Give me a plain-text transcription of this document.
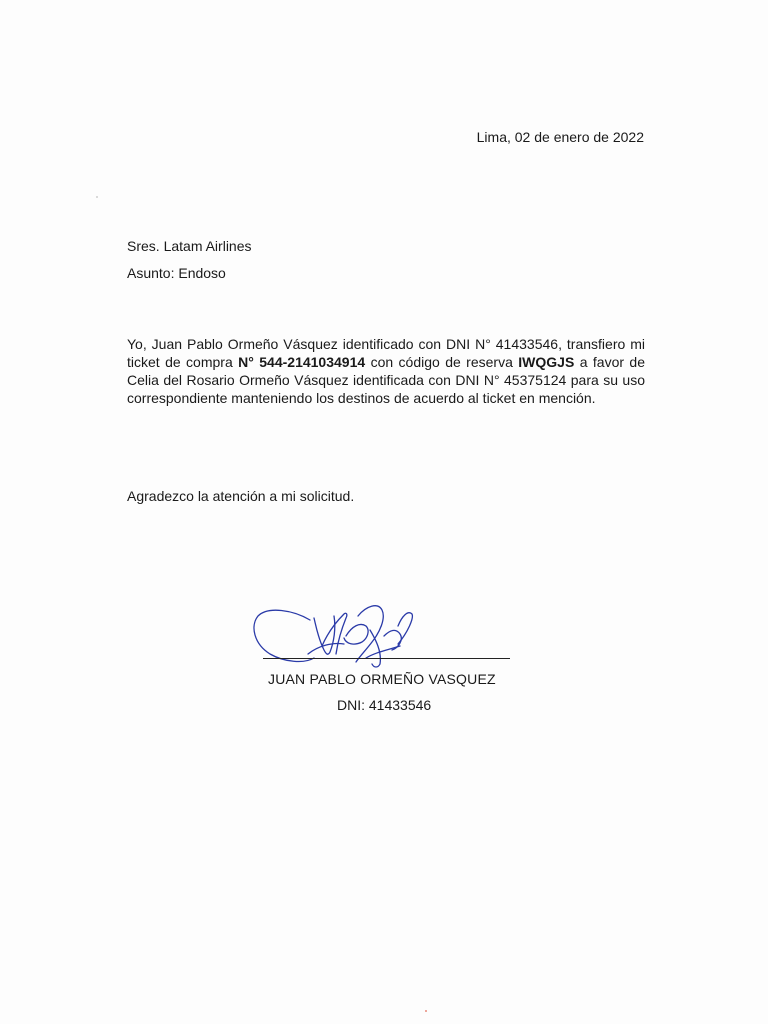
Lima, 02 de enero de 2022
Sres. Latam Airlines
Asunto: Endoso
Yo, Juan Pablo Ormeño Vásquez identificado con DNI N° 41433546, transfiero mi ticket de compra N° 544-2141034914 con código de reserva IWQGJS a favor de Celia del Rosario Ormeño Vásquez identificada con DNI N° 45375124 para su uso correspondiente manteniendo los destinos de acuerdo al ticket en mención.
Agradezco la atención a mi solicitud.
JUAN PABLO ORMEÑO VASQUEZ
DNI: 41433546
